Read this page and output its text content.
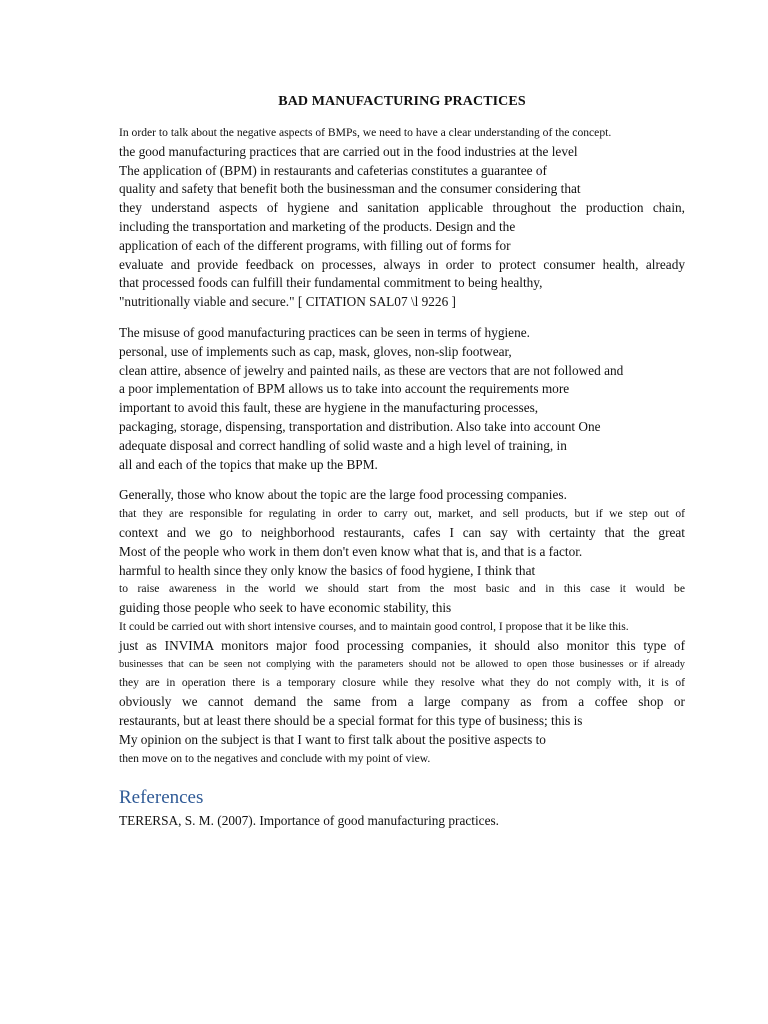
BAD MANUFACTURING PRACTICES
In order to talk about the negative aspects of BMPs, we need to have a clear understanding of the concept.
the good manufacturing practices that are carried out in the food industries at the level
The application of (BPM) in restaurants and cafeterias constitutes a guarantee of
quality and safety that benefit both the businessman and the consumer considering that
they understand aspects of hygiene and sanitation applicable throughout the production chain,
including the transportation and marketing of the products. Design and the
application of each of the different programs, with filling out of forms for
evaluate and provide feedback on processes, always in order to protect consumer health, already
that processed foods can fulfill their fundamental commitment to being healthy,
"nutritionally viable and secure." [ CITATION SAL07 \l 9226 ]
The misuse of good manufacturing practices can be seen in terms of hygiene.
personal, use of implements such as cap, mask, gloves, non-slip footwear,
clean attire, absence of jewelry and painted nails, as these are vectors that are not followed and
a poor implementation of BPM allows us to take into account the requirements more
important to avoid this fault, these are hygiene in the manufacturing processes,
packaging, storage, dispensing, transportation and distribution. Also take into account One
adequate disposal and correct handling of solid waste and a high level of training, in
all and each of the topics that make up the BPM.
Generally, those who know about the topic are the large food processing companies.
that they are responsible for regulating in order to carry out, market, and sell products, but if we step out of
context and we go to neighborhood restaurants, cafes I can say with certainty that the great
Most of the people who work in them don't even know what that is, and that is a factor.
harmful to health since they only know the basics of food hygiene, I think that
to raise awareness in the world we should start from the most basic and in this case it would be
guiding those people who seek to have economic stability, this
It could be carried out with short intensive courses, and to maintain good control, I propose that it be like this.
just as INVIMA monitors major food processing companies, it should also monitor this type of
businesses that can be seen not complying with the parameters should not be allowed to open those businesses or if already
they are in operation there is a temporary closure while they resolve what they do not comply with, it is of
obviously we cannot demand the same from a large company as from a coffee shop or
restaurants, but at least there should be a special format for this type of business; this is
My opinion on the subject is that I want to first talk about the positive aspects to
then move on to the negatives and conclude with my point of view.
References
TERERSA, S. M. (2007). Importance of good manufacturing practices.
